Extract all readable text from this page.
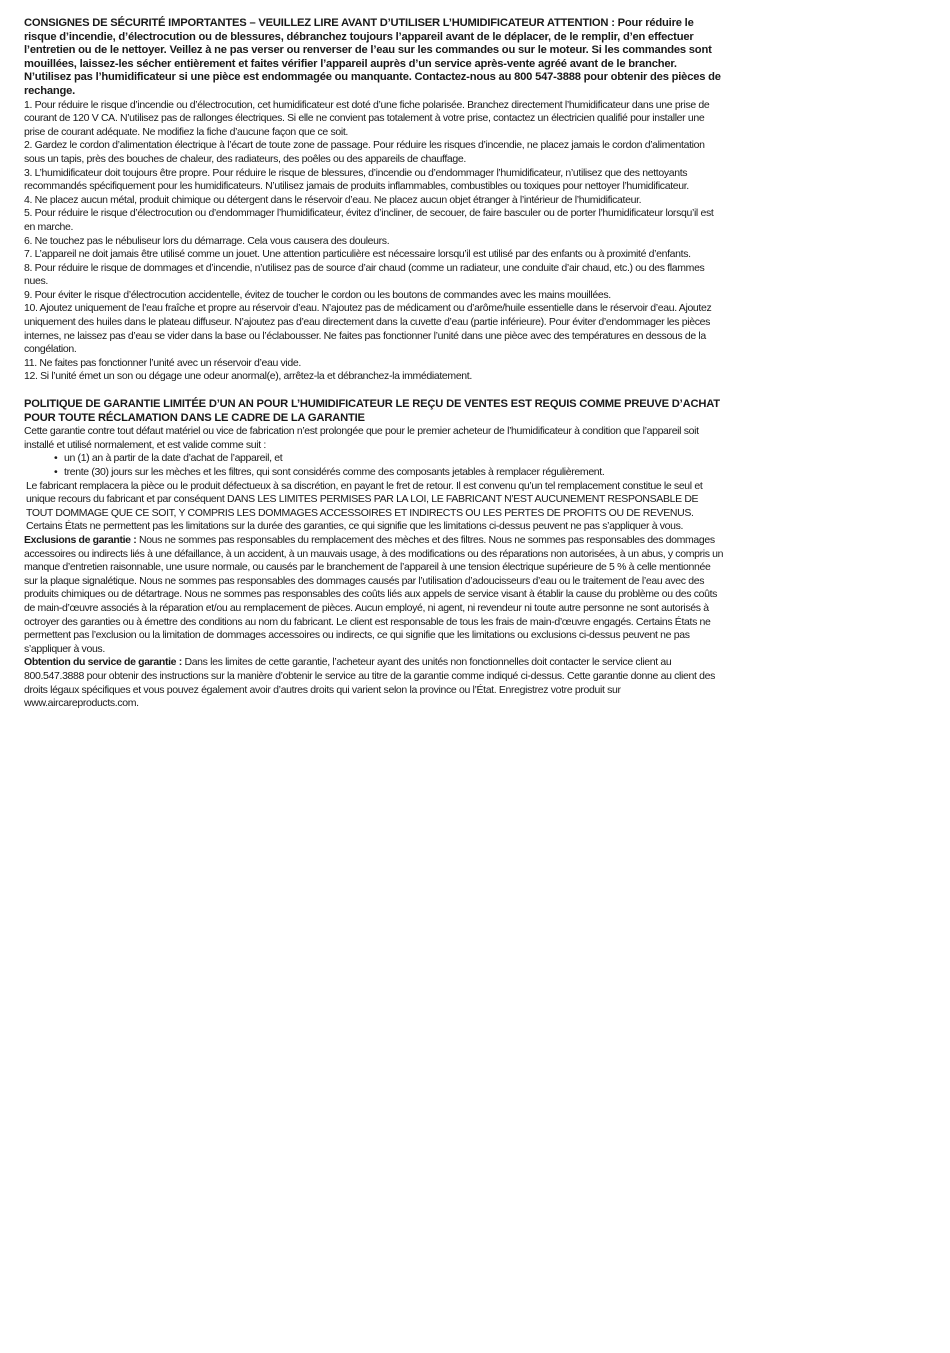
CONSIGNES DE SÉCURITÉ IMPORTANTES – VEUILLEZ LIRE AVANT D’UTILISER L’HUMIDIFICATEUR ATTENTION : Pour réduire le risque d’incendie, d’électrocution ou de blessures, débranchez toujours l’appareil avant de le déplacer, de le remplir, d’en effectuer l’entretien ou de le nettoyer. Veillez à ne pas verser ou renverser de l’eau sur les commandes ou sur le moteur. Si les commandes sont mouillées, laissez-les sécher entièrement et faites vérifier l’appareil auprès d’un service après-vente agréé avant de le brancher. N’utilisez pas l’humidificateur si une pièce est endommagée ou manquante. Contactez-nous au 800 547-3888 pour obtenir des pièces de rechange.

1. Pour réduire le risque d’incendie ou d’électrocution, cet humidificateur est doté d’une fiche polarisée. Branchez directement l’humidificateur dans une prise de courant de 120 V CA. N’utilisez pas de rallonges électriques. Si elle ne convient pas totalement à votre prise, contactez un électricien qualifié pour installer une prise de courant adéquate. Ne modifiez la fiche d’aucune façon que ce soit.
2. Gardez le cordon d’alimentation électrique à l’écart de toute zone de passage. Pour réduire les risques d’incendie, ne placez jamais le cordon d’alimentation sous un tapis, près des bouches de chaleur, des radiateurs, des poêles ou des appareils de chauffage.
3. L’humidificateur doit toujours être propre. Pour réduire le risque de blessures, d’incendie ou d’endommager l’humidificateur, n’utilisez que des nettoyants recommandés spécifiquement pour les humidificateurs. N’utilisez jamais de produits inflammables, combustibles ou toxiques pour nettoyer l’humidificateur.
4. Ne placez aucun métal, produit chimique ou détergent dans le réservoir d’eau. Ne placez aucun objet étranger à l’intérieur de l’humidificateur.
5. Pour réduire le risque d’électrocution ou d’endommager l’humidificateur, évitez d’incliner, de secouer, de faire basculer ou de porter l’humidificateur lorsqu’il est en marche.
6. Ne touchez pas le nébuliseur lors du démarrage. Cela vous causera des douleurs.
7. L’appareil ne doit jamais être utilisé comme un jouet. Une attention particulière est nécessaire lorsqu’il est utilisé par des enfants ou à proximité d’enfants.
8. Pour réduire le risque de dommages et d’incendie, n’utilisez pas de source d’air chaud (comme un radiateur, une conduite d’air chaud, etc.) ou des flammes nues.
9. Pour éviter le risque d’électrocution accidentelle, évitez de toucher le cordon ou les boutons de commandes avec les mains mouillées.
10. Ajoutez uniquement de l’eau fraîche et propre au réservoir d’eau. N’ajoutez pas de médicament ou d’arôme/huile essentielle dans le réservoir d’eau. Ajoutez uniquement des huiles dans le plateau diffuseur. N’ajoutez pas d’eau directement dans la cuvette d’eau (partie inférieure). Pour éviter d’endommager les pièces internes, ne laissez pas d’eau se vider dans la base ou l’éclabousser. Ne faites pas fonctionner l’unité dans une pièce avec des températures en dessous de la congélation.
11. Ne faites pas fonctionner l’unité avec un réservoir d’eau vide.
12. Si l’unité émet un son ou dégage une odeur anormal(e), arrêtez-la et débranchez-la immédiatement.

POLITIQUE DE GARANTIE LIMITÉE D’UN AN POUR L’HUMIDIFICATEUR LE REÇU DE VENTES EST REQUIS COMME PREUVE D’ACHAT POUR TOUTE RÉCLAMATION DANS LE CADRE DE LA GARANTIE

Cette garantie contre tout défaut matériel ou vice de fabrication n’est prolongée que pour le premier acheteur de l’humidificateur à condition que l’appareil soit installé et utilisé normalement, et est valide comme suit :

• un (1) an à partir de la date d’achat de l’appareil, et
• trente (30) jours sur les mèches et les filtres, qui sont considérés comme des composants jetables à remplacer régulièrement.

Le fabricant remplacera la pièce ou le produit défectueux à sa discrétion, en payant le fret de retour. Il est convenu qu’un tel remplacement constitue le seul et unique recours du fabricant et par conséquent DANS LES LIMITES PERMISES PAR LA LOI, LE FABRICANT N’EST AUCUNEMENT RESPONSABLE DE TOUT DOMMAGE QUE CE SOIT, Y COMPRIS LES DOMMAGES ACCESSOIRES ET INDIRECTS OU LES PERTES DE PROFITS OU DE REVENUS. Certains États ne permettent pas les limitations sur la durée des garanties, ce qui signifie que les limitations ci-dessus peuvent ne pas s’appliquer à vous.

Exclusions de garantie : Nous ne sommes pas responsables du remplacement des mèches et des filtres. Nous ne sommes pas responsables des dommages accessoires ou indirects liés à une défaillance, à un accident, à un mauvais usage, à des modifications ou des réparations non autorisées, à un abus, y compris un manque d’entretien raisonnable, une usure normale, ou causés par le branchement de l’appareil à une tension électrique supérieure de 5 % à celle mentionnée sur la plaque signalétique. Nous ne sommes pas responsables des dommages causés par l’utilisation d’adoucisseurs d’eau ou le traitement de l’eau avec des produits chimiques ou de détartrage. Nous ne sommes pas responsables des coûts liés aux appels de service visant à établir la cause du problème ou des coûts de main-d’œuvre associés à la réparation et/ou au remplacement de pièces. Aucun employé, ni agent, ni revendeur ni toute autre personne ne sont autorisés à octroyer des garanties ou à émettre des conditions au nom du fabricant. Le client est responsable de tous les frais de main-d’œuvre engagés. Certains États ne permettent pas l’exclusion ou la limitation de dommages accessoires ou indirects, ce qui signifie que les limitations ou exclusions ci-dessus peuvent ne pas s’appliquer à vous.

Obtention du service de garantie : Dans les limites de cette garantie, l’acheteur ayant des unités non fonctionnelles doit contacter le service client au 800.547.3888 pour obtenir des instructions sur la manière d’obtenir le service au titre de la garantie comme indiqué ci-dessus. Cette garantie donne au client des droits légaux spécifiques et vous pouvez également avoir d’autres droits qui varient selon la province ou l’État. Enregistrez votre produit sur www.aircareproducts.com.
